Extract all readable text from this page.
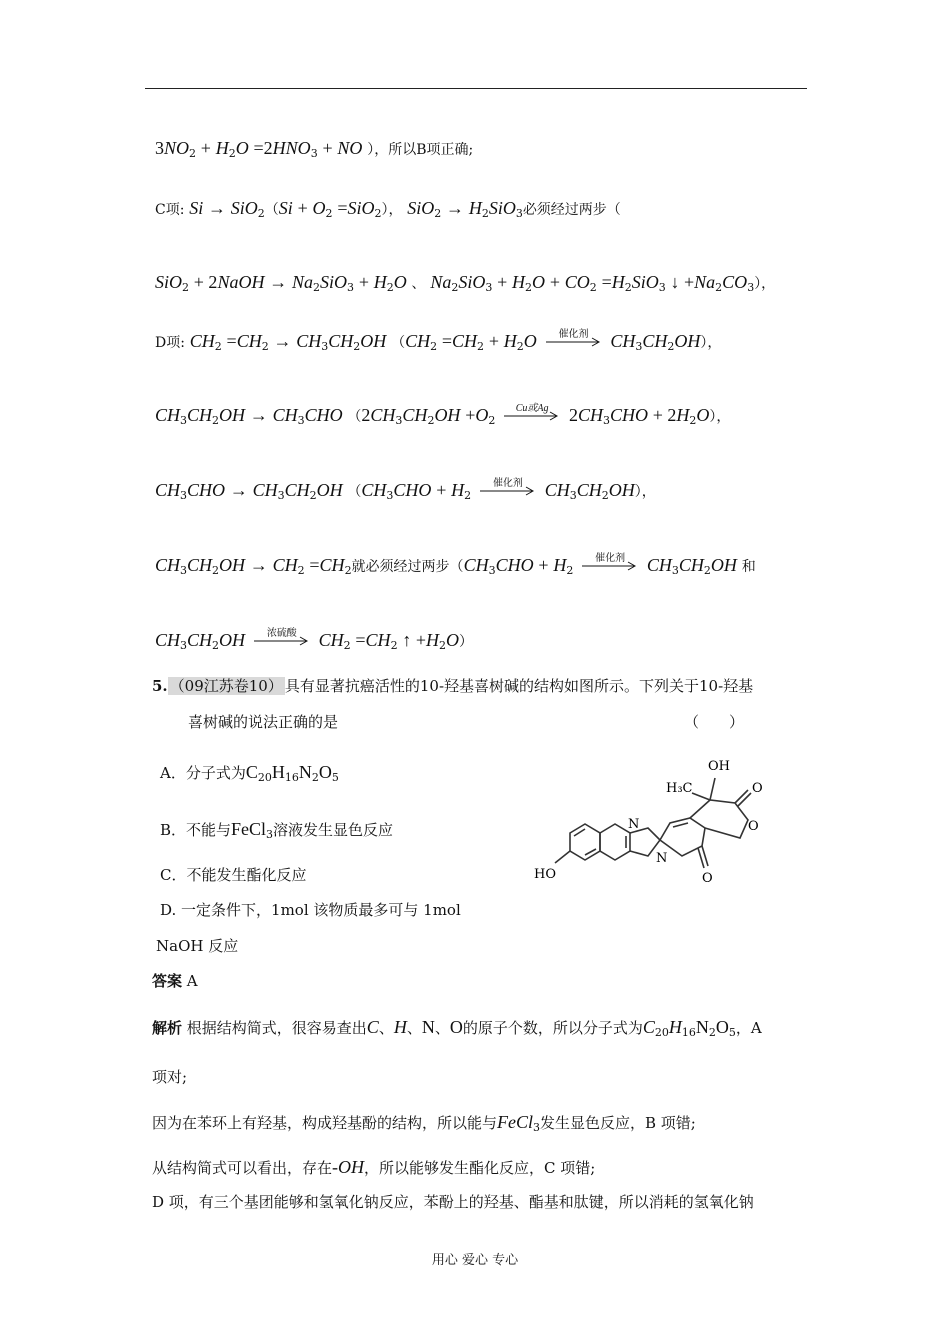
$3NO_2 + H_2O =2HNO_3$ + NO ），所以B项正确;
C项: $Si \to SiO_2(Si + O_2 =SiO_2)$， $SiO_2 \to H_2SiO_3$必须经过两步（
SiO$_2$ + 2NaOH → $Na_2SiO_3 + H_2O$ 、 $Na_2SiO_3 + H_2O + CO_2 =H_2SiO_3$ ↓ $+Na_2CO_3$），
D项: $CH_2 =CH_2 \to CH_3CH_2OH$ （$CH_2 =CH_2 + H_2O$	催化剂	$CH_3CH_2OH$），
$CH_3CH_2OH \to CH_3CHO$ （$2CH_3CH_2OH +O_2$
Cu或Ag	$2CH_3CHO + 2H_2O$），
$CH_3CHO \to CH_3CH_2OH$ （$CH_3CHO + H_2$
催化剂	$CH_3CH_2OH$），
$CH_3CH_2OH \to CH_2 =CH_2$就必须经过两步（$CH_3CHO + H_2$
催化剂	$CH_3CH_2OH$ 和
$CH_3CH_2OH$	浓硫酸	$CH_2 =CH_2$ ↑ $+H_2O$）
5. （09江苏卷10） 具有显著抗癌活性的10-羟基喜树碱的结构如图所示。下列关于10-羟基
喜树碱的说法正确的是	（　　）
A．分子式为$C_{20}H_{16}N_2O_5$
B．不能与FeCl$_3$溶液发生显色反应
C．不能发生酯化反应
D. 一定条件下，1mol 该物质最多可与 1mol
NaOH 反应
OH
H₃C	O
O
O
N
N
HO
答案 A
解析 根据结构简式，很容易查出C、H、N、O的原子个数，所以分子式为$C_{20}H_{16}N_2O_5$，A
项对;
因为在苯环上有羟基，构成羟基酚的结构，所以能与FeCl$_3$发生显色反应，B 项错;
从结构简式可以看出，存在-OH，所以能够发生酯化反应，C 项错;
D 项，有三个基团能够和氢氧化钠反应，苯酚上的羟基、酯基和肽键，所以消耗的氢氧化钠
用心 爱心 专心
